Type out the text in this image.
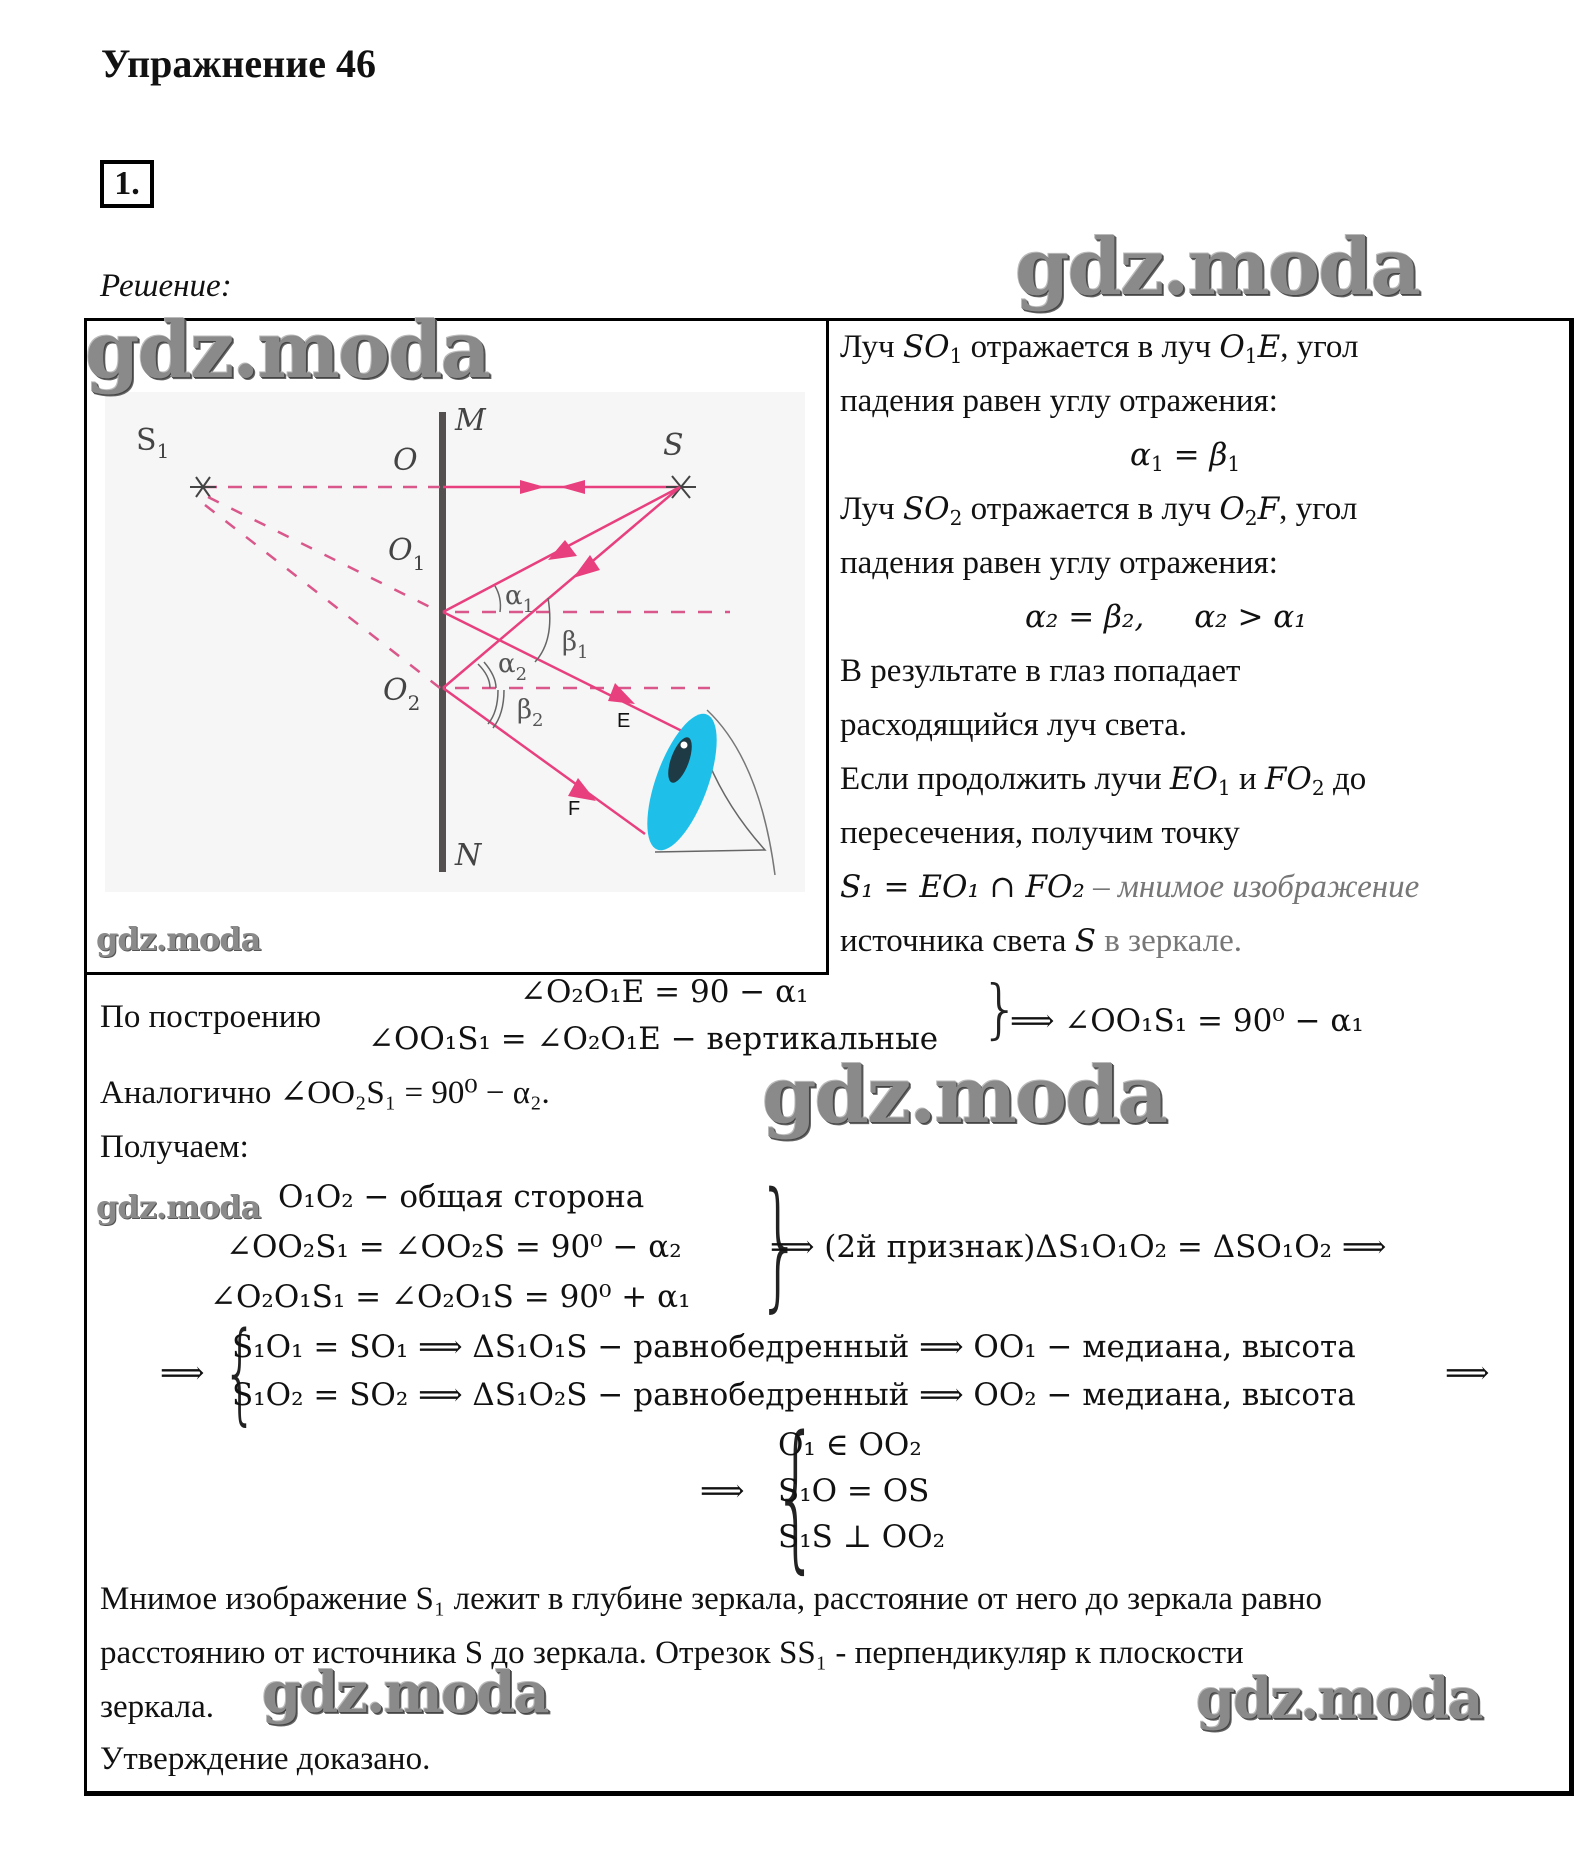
Упражнение 46
1.
Решение:
$S_1$	S
M
N
O
$O_1$
$O_2$
$\alpha_1$
$\beta_1$
$\alpha_2$
$\beta_2$	E
F
Луч $SO_1$ отражается в луч $O_1E$, угол
падения равен углу отражения:
$\alpha_1 = \beta_1$
Луч $SO_2$ отражается в луч $O_2F$, угол
падения равен углу отражения:
α₂ = β₂, α₂ > α₁
В результате в глаз попадает
расходящийся луч света.
Если продолжить лучи $EO_1$ и $FO_2$ до
пересечения, получим точку
S₁ = EO₁ ∩ FO₂ – мнимое изображение
источника света S в зеркале.
По построению
∠O₂O₁E = 90 − α₁
∠OO₁S₁ = ∠O₂O₁E − вертикальные }
⟹ ∠OO₁S₁ = 90⁰ − α₁
Аналогично ∠OO₂S₁ = 90⁰ − α₂.
Получаем:
O₁O₂ − общая сторона
∠OO₂S₁ = ∠OO₂S = 90⁰ − α₂
∠O₂O₁S₁ = ∠O₂O₁S = 90⁰ + α₁ }
⟹ (2й признак)ΔS₁O₁O₂ = ΔSO₁O₂ ⟹
⟹ {
S₁O₁ = SO₁ ⟹ ΔS₁O₁S − равнобедренный ⟹ OO₁ − медиана, высота
S₁O₂ = SO₂ ⟹ ΔS₁O₂S − равнобедренный ⟹ OO₂ − медиана, высота
⟹
⟹ {
O₁ ∈ OO₂
S₁O = OS
S₁S ⊥ OO₂
Мнимое изображение S₁ лежит в глубине зеркала, расстояние от него до зеркала равно
расстоянию от источника S до зеркала. Отрезок SS₁ - перпендикуляр к плоскости
зеркала.
Утверждение доказано.
gdz.moda
gdz.moda
gdz.moda
gdz.moda
gdz.moda
gdz.moda	gdz.moda
